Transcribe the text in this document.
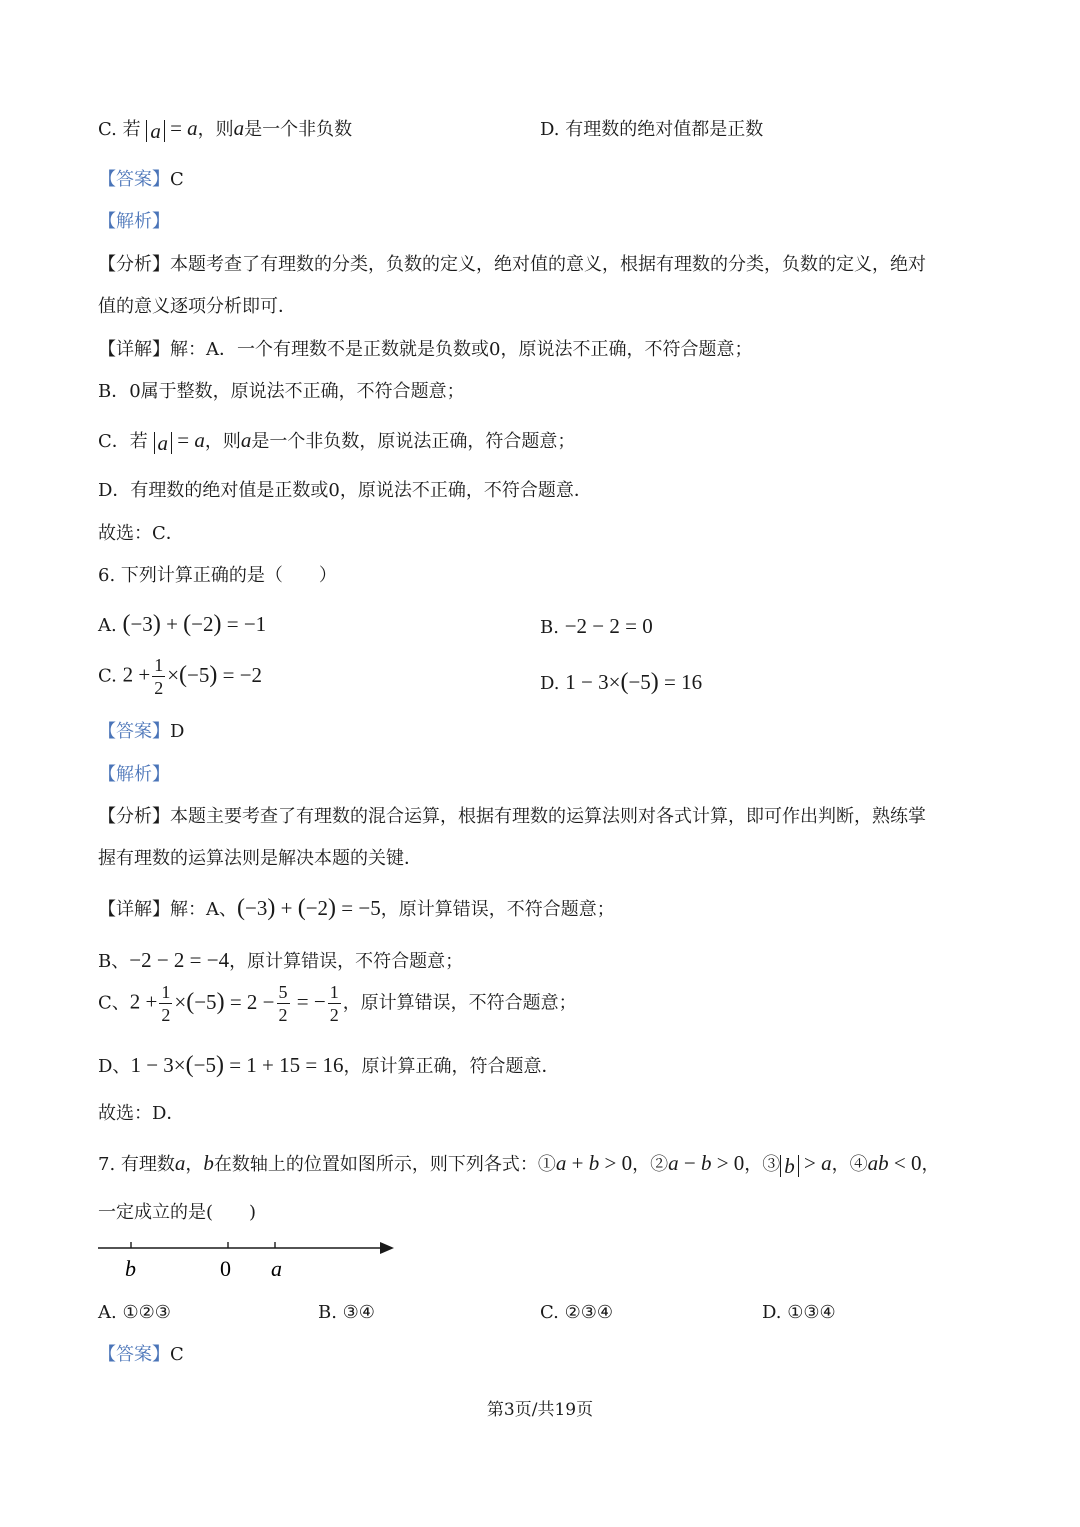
C. 若 a = a，则a是一个非负数	D. 有理数的绝对值都是正数
【答案】C
【解析】
【分析】本题考查了有理数的分类，负数的定义，绝对值的意义，根据有理数的分类，负数的定义，绝对
值的意义逐项分析即可．
【详解】解：A．一个有理数不是正数就是负数或0，原说法不正确，不符合题意；
B．0属于整数，原说法不正确，不符合题意；
C．若 a = a，则a是一个非负数，原说法正确，符合题意；
D．有理数的绝对值是正数或0，原说法不正确，不符合题意．
故选：C．
6. 下列计算正确的是（　　）
A. (−3) + (−2) = −1	B. −2 − 2 = 0
C. $2 + \frac{1}{2} \times(-5) = -2$	D. 1 − 3×(−5) = 16
【答案】D
【解析】
【分析】本题主要考查了有理数的混合运算，根据有理数的运算法则对各式计算，即可作出判断，熟练掌
握有理数的运算法则是解决本题的关键．
【详解】解：A、(−3) + (−2) = −5，原计算错误，不符合题意；
B、−2 − 2 = −4，原计算错误，不符合题意；
C、$2 + \frac{1}{2} \times(-5) = 2 - \frac{5}{2}$ = − $\frac{1}{2}$ ，原计算错误，不符合题意；
D、1 − 3×(−5) = 1 + 15 = 16，原计算正确，符合题意．
故选：D．
7. 有理数a，b在数轴上的位置如图所示，则下列各式：①a + b > 0，②a − b > 0，③ b > a，④ab < 0，
一定成立的是(　　)
b	0 a
A. ①②③	B. ③④	C. ②③④	D. ①③④
【答案】C
第3页/共19页
